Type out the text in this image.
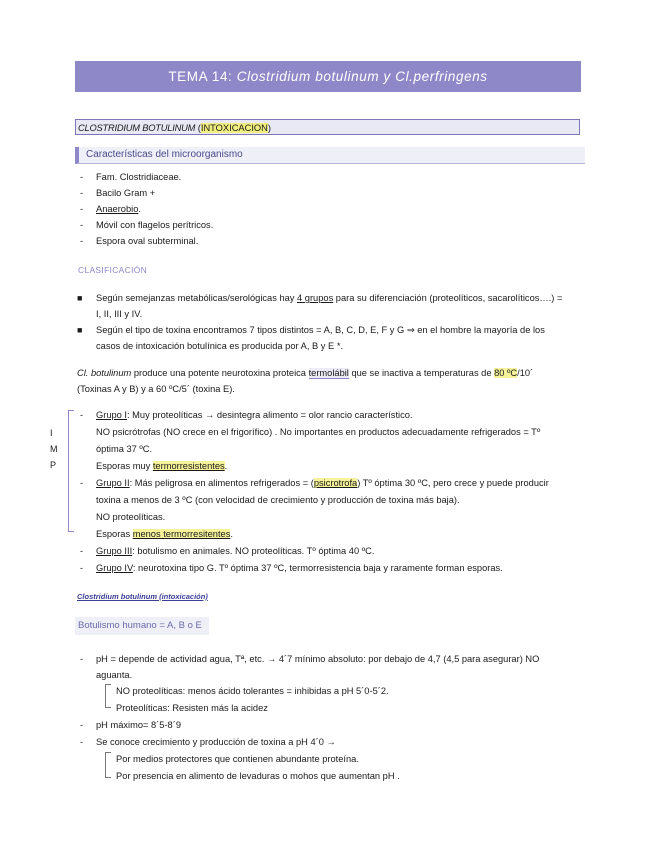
TEMA 14: Clostridium botulinum y Cl.perfringens
CLOSTRIDIUM BOTULINUM (INTOXICACION)
Características del microorganismo
- Fam. Clostridiaceae.
- Bacilo Gram +
- Anaerobio.
- Móvil con flagelos perítricos.
- Espora oval subterminal.
CLASIFICACIÓN
■ Según semejanzas metabólicas/serológicas hay 4 grupos para su diferenciación (proteolíticos, sacarolíticos….) =
I, II, III y IV.
■ Según el tipo de toxina encontramos 7 tipos distintos = A, B, C, D, E, F y G ⇒ en el hombre la mayoría de los
casos de intoxicación botulínica es producida por A, B y E *.
Cl. botulinum produce una potente neurotoxina proteica termolábil que se inactiva a temperaturas de 80 ºC/10´
(Toxinas A y B) y a 60 ºC/5´ (toxina E).
I
M
P
- Grupo I: Muy proteolíticas → desintegra alimento = olor rancio característico.
NO psicrótrofas (NO crece en el frigorífico) . No importantes en productos adecuadamente refrigerados = Tº
óptima 37 ºC.
Esporas muy termorresistentes.
- Grupo II: Más peligrosa en alimentos refrigerados = (psicrotrofa) Tº óptima 30 ºC, pero crece y puede producir
toxina a menos de 3 ºC (con velocidad de crecimiento y producción de toxina más baja).
NO proteolíticas.
Esporas menos termorresitentes.
- Grupo III: botulismo en animales. NO proteolíticas. Tº óptima 40 ºC.
- Grupo IV: neurotoxina tipo G. Tº óptima 37 ºC, termorresistencia baja y raramente forman esporas.
Clostridium botulinum (intoxicación)
Botulismo humano = A, B o E
- pH = depende de actividad agua, Tª, etc. → 4´7 mínimo absoluto: por debajo de 4,7 (4,5 para asegurar) NO
aguanta.
NO proteolíticas: menos ácido tolerantes = inhibidas a pH 5´0-5´2.
Proteolíticas: Resisten más la acidez
- pH máximo= 8´5-8´9
- Se conoce crecimiento y producción de toxina a pH 4´0 →
Por medios protectores que contienen abundante proteína.
Por presencia en alimento de levaduras o mohos que aumentan pH .
